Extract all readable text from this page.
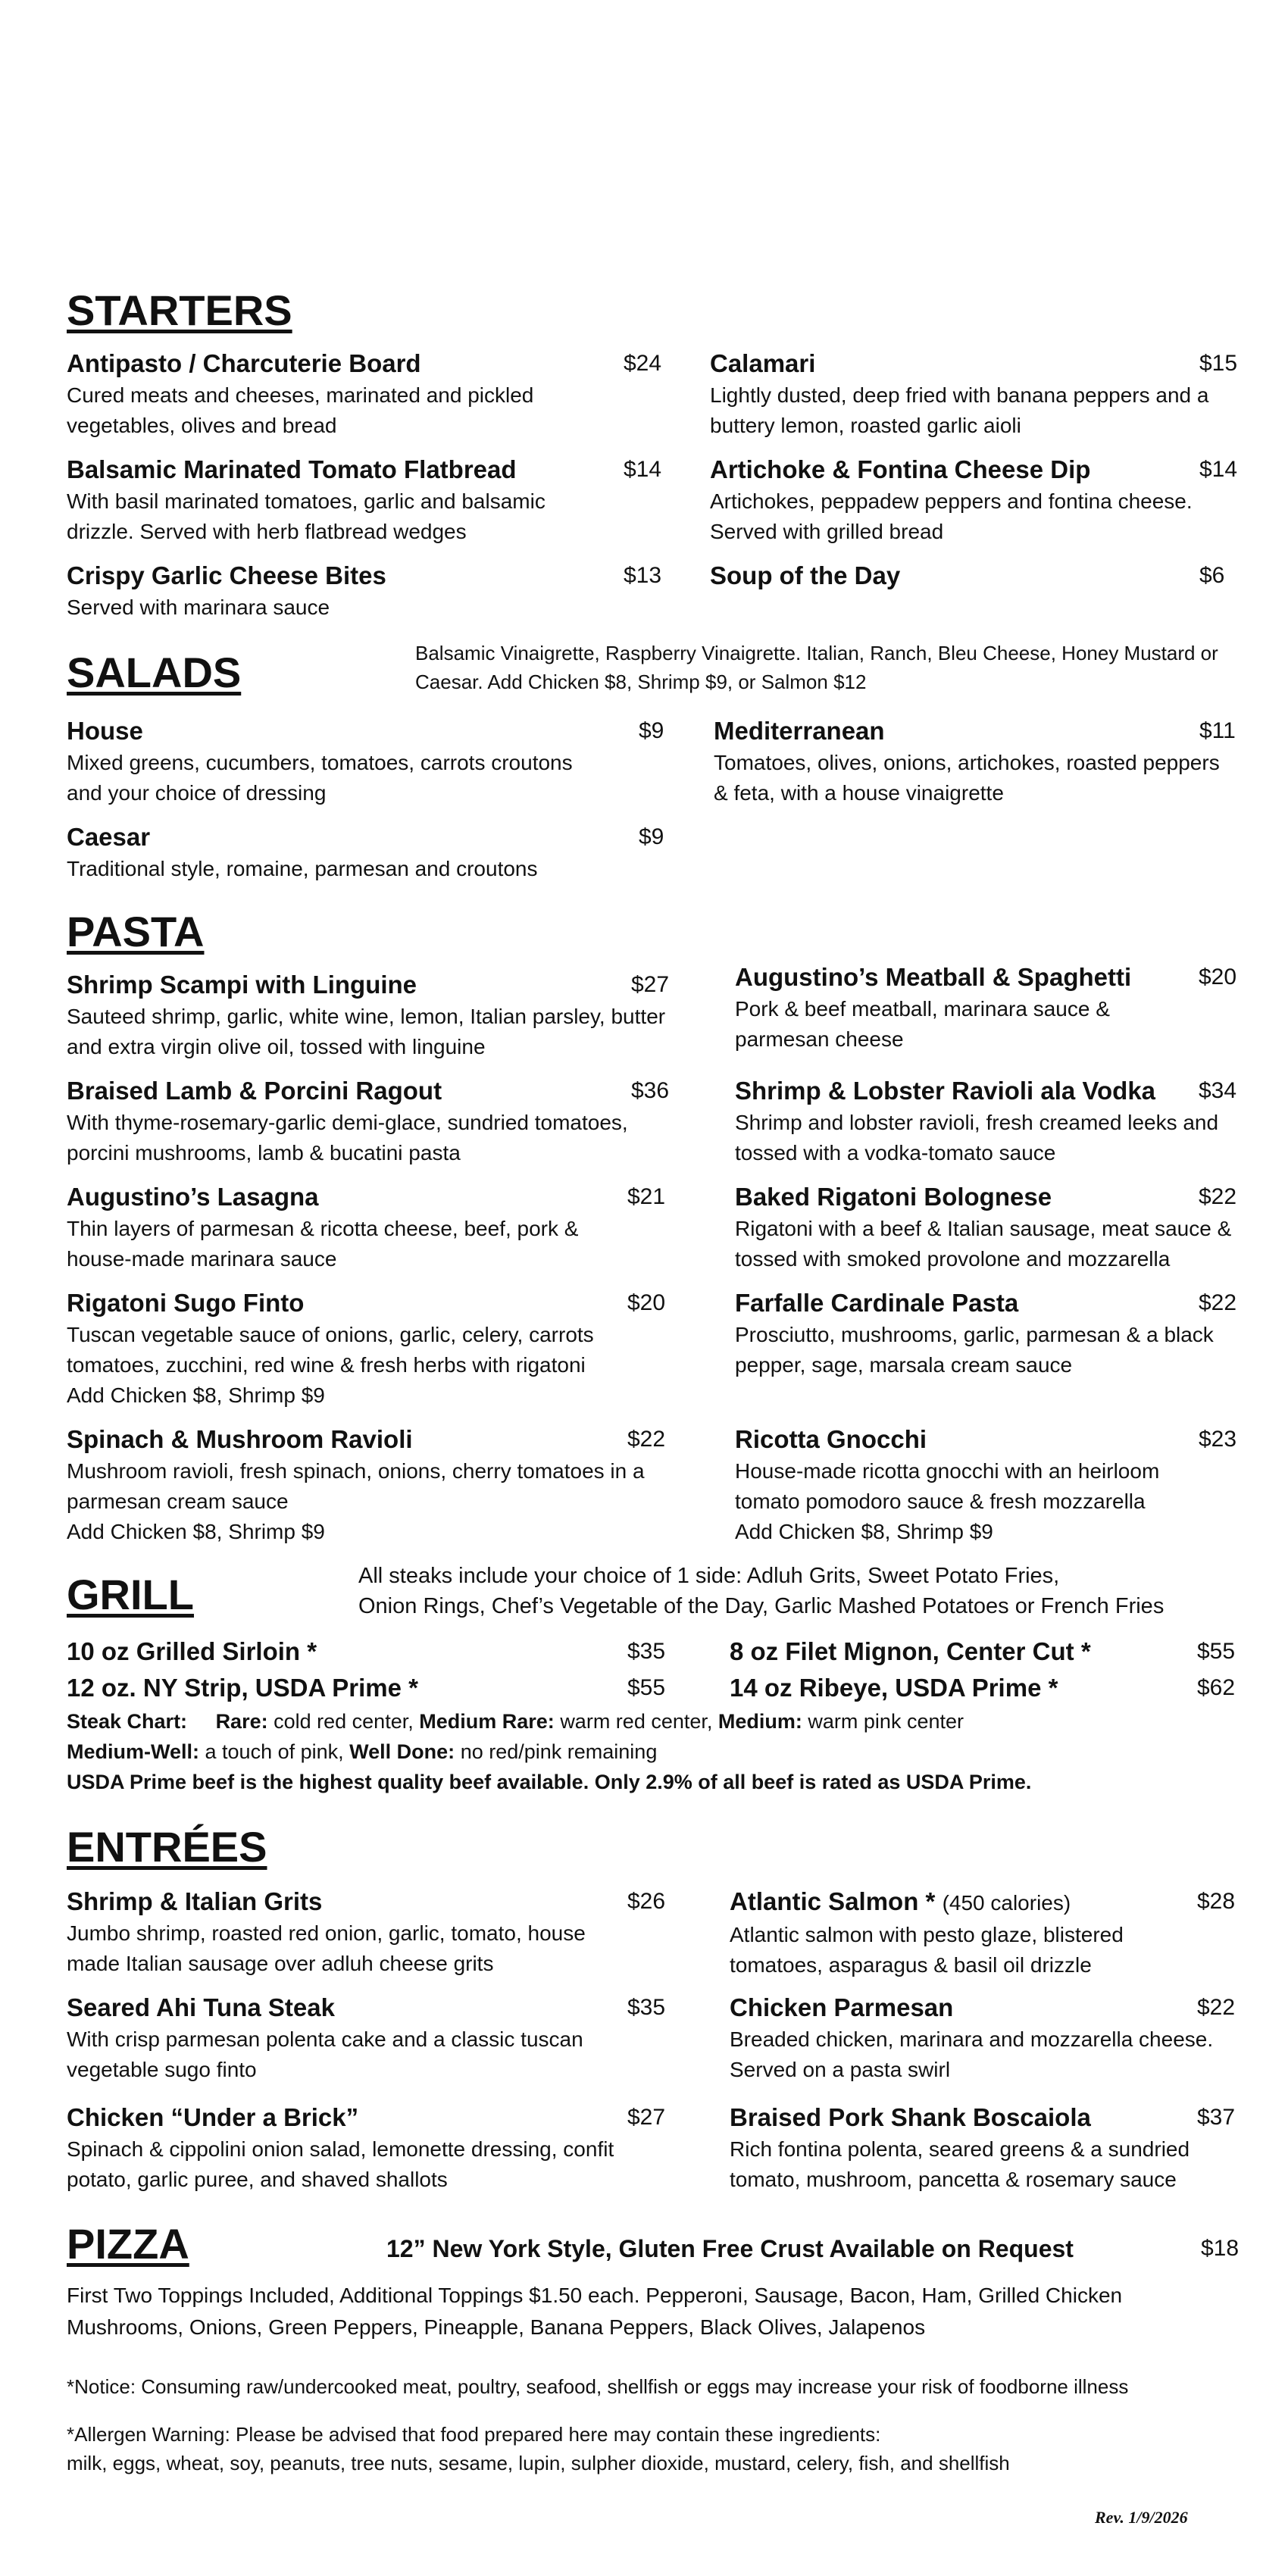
STARTERS
Antipasto / Charcuterie Board	$24
Cured meats and cheeses, marinated and pickled vegetables, olives and bread
Calamari	$15
Lightly dusted, deep fried with banana peppers and a buttery lemon, roasted garlic aioli
Balsamic Marinated Tomato Flatbread	$14
With basil marinated tomatoes, garlic and balsamic drizzle. Served with herb flatbread wedges
Artichoke & Fontina Cheese Dip	$14
Artichokes, peppadew peppers and fontina cheese. Served with grilled bread
Crispy Garlic Cheese Bites	$13
Served with marinara sauce
Soup of the Day	$6
SALADS	Balsamic Vinaigrette, Raspberry Vinaigrette. Italian, Ranch, Bleu Cheese, Honey Mustard or Caesar. Add Chicken $8, Shrimp $9, or Salmon $12
House	$9
Mixed greens, cucumbers, tomatoes, carrots croutons and your choice of dressing
Mediterranean	$11
Tomatoes, olives, onions, artichokes, roasted peppers & feta, with a house vinaigrette
Caesar	$9
Traditional style, romaine, parmesan and croutons
PASTA
Shrimp Scampi with Linguine	$27
Sauteed shrimp, garlic, white wine, lemon, Italian parsley, butter and extra virgin olive oil, tossed with linguine
Augustino’s Meatball & Spaghetti	$20
Pork & beef meatball, marinara sauce & parmesan cheese
Braised Lamb & Porcini Ragout	$36
With thyme-rosemary-garlic demi-glace, sundried tomatoes, porcini mushrooms, lamb & bucatini pasta
Shrimp & Lobster Ravioli ala Vodka	$34
Shrimp and lobster ravioli, fresh creamed leeks and tossed with a vodka-tomato sauce
Augustino’s Lasagna	$21
Thin layers of parmesan & ricotta cheese, beef, pork & house-made marinara sauce
Baked Rigatoni Bolognese	$22
Rigatoni with a beef & Italian sausage, meat sauce & tossed with smoked provolone and mozzarella
Rigatoni Sugo Finto	$20
Tuscan vegetable sauce of onions, garlic, celery, carrots tomatoes, zucchini, red wine & fresh herbs with rigatoni
Add Chicken $8, Shrimp $9
Farfalle Cardinale Pasta	$22
Prosciutto, mushrooms, garlic, parmesan & a black pepper, sage, marsala cream sauce
Spinach & Mushroom Ravioli	$22
Mushroom ravioli, fresh spinach, onions, cherry tomatoes in a parmesan cream sauce
Add Chicken $8, Shrimp $9
Ricotta Gnocchi	$23
House-made ricotta gnocchi with an heirloom tomato pomodoro sauce & fresh mozzarella
Add Chicken $8, Shrimp $9
GRILL	All steaks include your choice of 1 side: Adluh Grits, Sweet Potato Fries,
Onion Rings, Chef’s Vegetable of the Day, Garlic Mashed Potatoes or French Fries
10 oz Grilled Sirloin *	$35	8 oz Filet Mignon, Center Cut *	$55
12 oz. NY Strip, USDA Prime *	$55	14 oz Ribeye, USDA Prime *	$62
Steak Chart: Rare: cold red center, Medium Rare: warm red center, Medium: warm pink center
Medium-Well: a touch of pink, Well Done: no red/pink remaining
USDA Prime beef is the highest quality beef available. Only 2.9% of all beef is rated as USDA Prime.
ENTRÉES
Shrimp & Italian Grits	$26
Jumbo shrimp, roasted red onion, garlic, tomato, house made Italian sausage over adluh cheese grits
Atlantic Salmon * (450 calories)	$28
Atlantic salmon with pesto glaze, blistered tomatoes, asparagus & basil oil drizzle
Seared Ahi Tuna Steak	$35
With crisp parmesan polenta cake and a classic tuscan vegetable sugo finto
Chicken Parmesan	$22
Breaded chicken, marinara and mozzarella cheese. Served on a pasta swirl
Chicken “Under a Brick”	$27
Spinach & cippolini onion salad, lemonette dressing, confit potato, garlic puree, and shaved shallots
Braised Pork Shank Boscaiola	$37
Rich fontina polenta, seared greens & a sundried tomato, mushroom, pancetta & rosemary sauce
PIZZA	12” New York Style, Gluten Free Crust Available on Request	$18
First Two Toppings Included, Additional Toppings $1.50 each. Pepperoni, Sausage, Bacon, Ham, Grilled Chicken
Mushrooms, Onions, Green Peppers, Pineapple, Banana Peppers, Black Olives, Jalapenos
*Notice: Consuming raw/undercooked meat, poultry, seafood, shellfish or eggs may increase your risk of foodborne illness
*Allergen Warning: Please be advised that food prepared here may contain these ingredients:
milk, eggs, wheat, soy, peanuts, tree nuts, sesame, lupin, sulpher dioxide, mustard, celery, fish, and shellfish
Rev. 1/9/2026
